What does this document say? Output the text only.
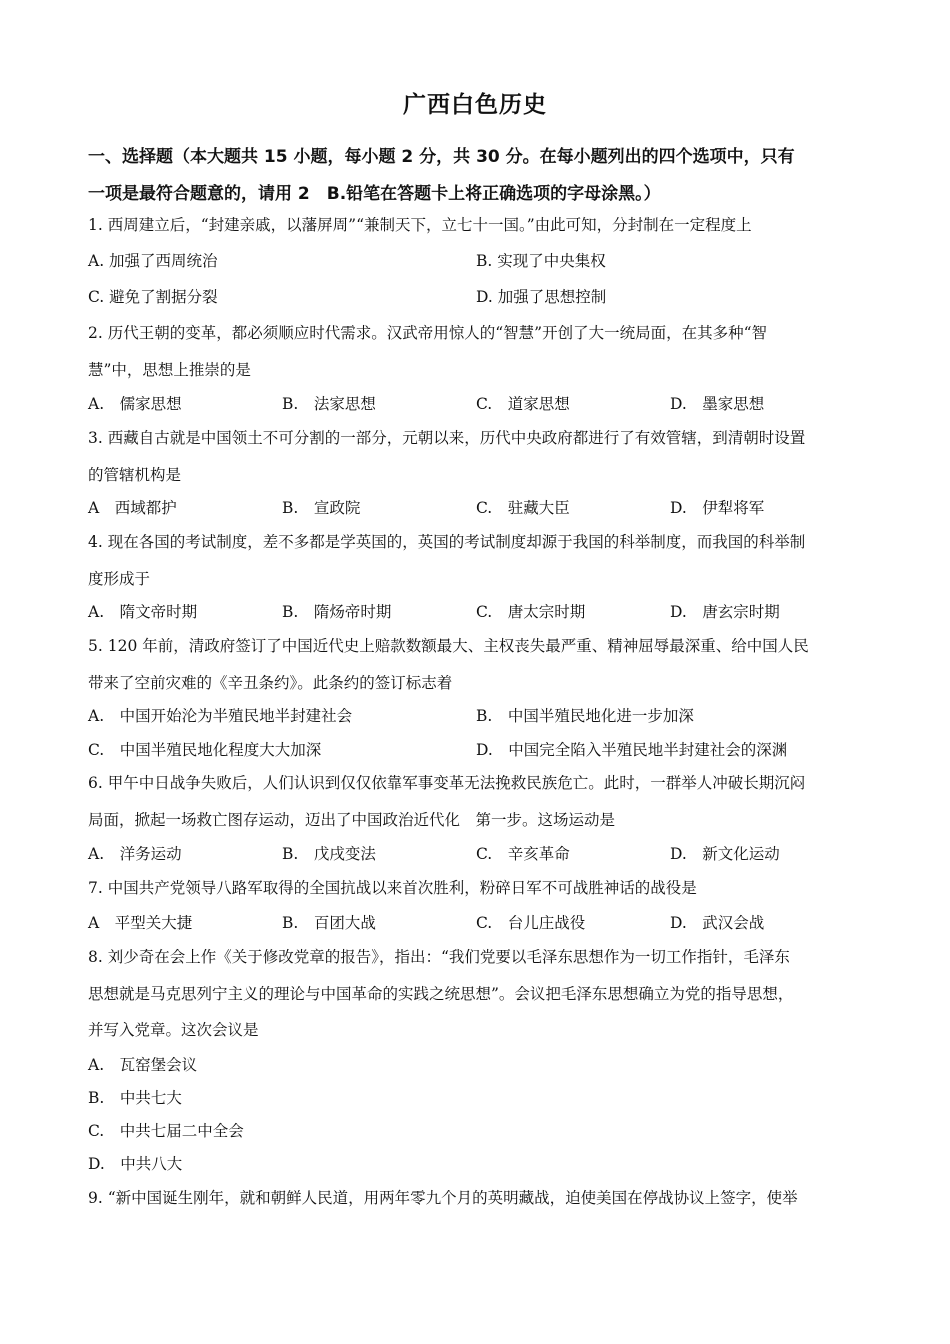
广西白色历史
一、选择题（本大题共 15 小题，每小题 2 分，共 30 分。在每小题列出的四个选项中，只有
一项是最符合题意的，请用 2　B.铅笔在答题卡上将正确选项的字母涂黑。）
1. 西周建立后，“封建亲戚，以藩屏周”“兼制天下，立七十一国。”由此可知，分封制在一定程度上
A. 加强了西周统治	B. 实现了中央集权
C. 避免了割据分裂	D. 加强了思想控制
2. 历代王朝的变革，都必须顺应时代需求。汉武帝用惊人的“智慧”开创了大一统局面，在其多种“智
慧”中，思想上推崇的是
A.　儒家思想	B.　法家思想	C.　道家思想	D.　墨家思想
3. 西藏自古就是中国领土不可分割的一部分，元朝以来，历代中央政府都进行了有效管辖，到清朝时设置
的管辖机构是
A　西域都护	B.　宣政院	C.　驻藏大臣	D.　伊犁将军
4. 现在各国的考试制度，差不多都是学英国的，英国的考试制度却源于我国的科举制度，而我国的科举制
度形成于
A.　隋文帝时期	B.　隋炀帝时期	C.　唐太宗时期	D.　唐玄宗时期
5. 120 年前，清政府签订了中国近代史上赔款数额最大、主权丧失最严重、精神屈辱最深重、给中国人民
带来了空前灾难的《辛丑条约》。此条约的签订标志着
A.　中国开始沦为半殖民地半封建社会	B.　中国半殖民地化进一步加深
C.　中国半殖民地化程度大大加深	D.　中国完全陷入半殖民地半封建社会的深渊
6. 甲午中日战争失败后，人们认识到仅仅依靠军事变革无法挽救民族危亡。此时，一群举人冲破长期沉闷
局面，掀起一场救亡图存运动，迈出了中国政治近代化　第一步。这场运动是
A.　洋务运动	B.　戊戌变法	C.　辛亥革命	D.　新文化运动
7. 中国共产党领导八路军取得的全国抗战以来首次胜利，粉碎日军不可战胜神话的战役是
A　平型关大捷	B.　百团大战	C.　台儿庄战役	D.　武汉会战
8. 刘少奇在会上作《关于修改党章的报告》，指出：“我们党要以毛泽东思想作为一切工作指针，毛泽东
思想就是马克思列宁主义的理论与中国革命的实践之统思想”。会议把毛泽东思想确立为党的指导思想，
并写入党章。这次会议是
A.　瓦窑堡会议
B.　中共七大
C.　中共七届二中全会
D.　中共八大
9. “新中国诞生刚年，就和朝鲜人民道，用两年零九个月的英明藏战，迫使美国在停战协议上签字，使举
